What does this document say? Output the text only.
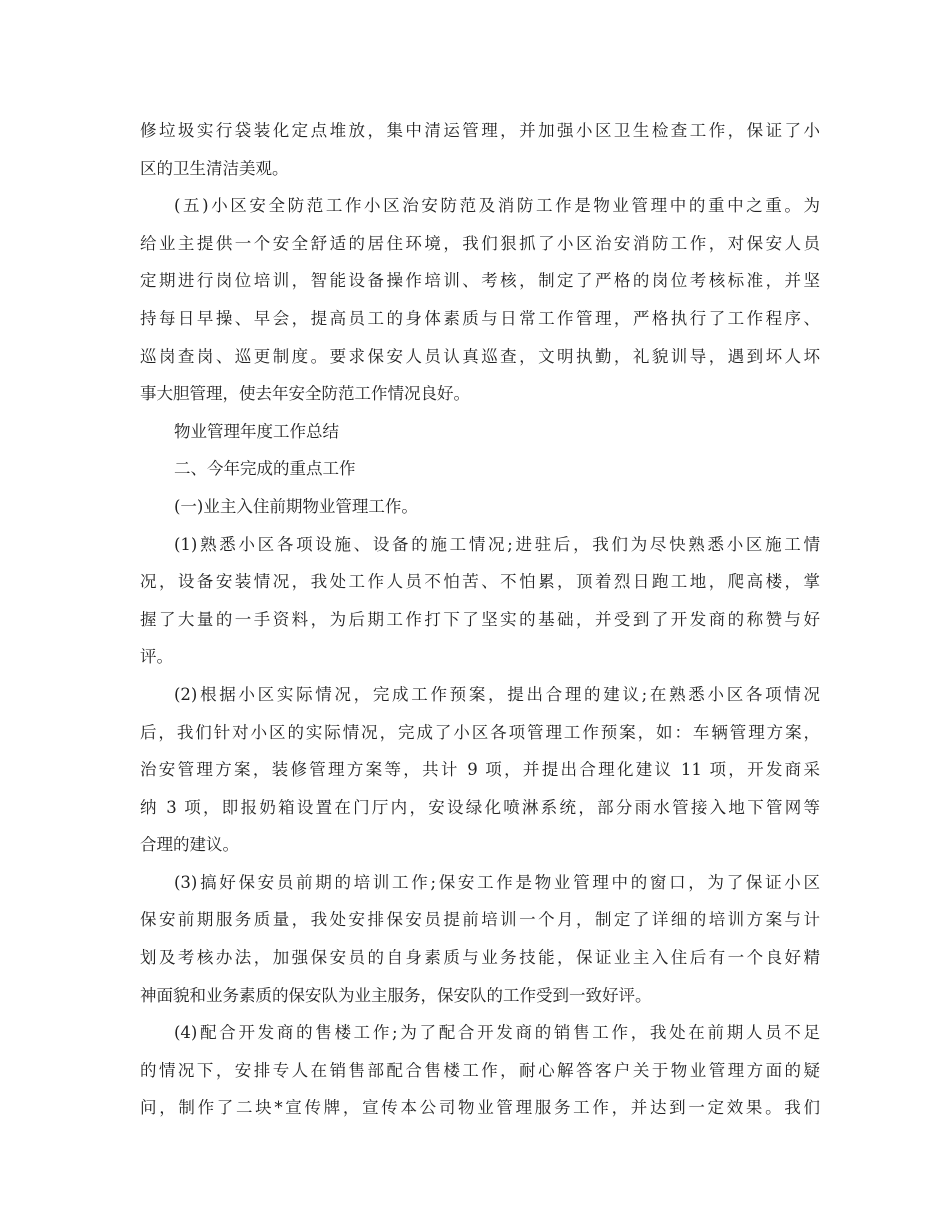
修垃圾实行袋装化定点堆放，集中清运管理，并加强小区卫生检查工作，保证了小
区的卫生清洁美观。
(五)小区安全防范工作小区治安防范及消防工作是物业管理中的重中之重。为
给业主提供一个安全舒适的居住环境，我们狠抓了小区治安消防工作，对保安人员
定期进行岗位培训，智能设备操作培训、考核，制定了严格的岗位考核标准，并坚
持每日早操、早会，提高员工的身体素质与日常工作管理，严格执行了工作程序、
巡岗查岗、巡更制度。要求保安人员认真巡查，文明执勤，礼貌训导，遇到坏人坏
事大胆管理，使去年安全防范工作情况良好。
物业管理年度工作总结
二、今年完成的重点工作
(一)业主入住前期物业管理工作。
(1)熟悉小区各项设施、设备的施工情况;进驻后，我们为尽快熟悉小区施工情
况，设备安装情况，我处工作人员不怕苦、不怕累，顶着烈日跑工地，爬高楼，掌
握了大量的一手资料，为后期工作打下了坚实的基础，并受到了开发商的称赞与好
评。
(2)根据小区实际情况，完成工作预案，提出合理的建议;在熟悉小区各项情况
后，我们针对小区的实际情况，完成了小区各项管理工作预案，如：车辆管理方案，
治安管理方案，装修管理方案等，共计 9 项，并提出合理化建议 11 项，开发商采
纳 3 项，即报奶箱设置在门厅内，安设绿化喷淋系统，部分雨水管接入地下管网等
合理的建议。
(3)搞好保安员前期的培训工作;保安工作是物业管理中的窗口，为了保证小区
保安前期服务质量，我处安排保安员提前培训一个月，制定了详细的培训方案与计
划及考核办法，加强保安员的自身素质与业务技能，保证业主入住后有一个良好精
神面貌和业务素质的保安队为业主服务，保安队的工作受到一致好评。
(4)配合开发商的售楼工作;为了配合开发商的销售工作，我处在前期人员不足
的情况下，安排专人在销售部配合售楼工作，耐心解答客户关于物业管理方面的疑
问，制作了二块*宣传牌，宣传本公司物业管理服务工作，并达到一定效果。我们
